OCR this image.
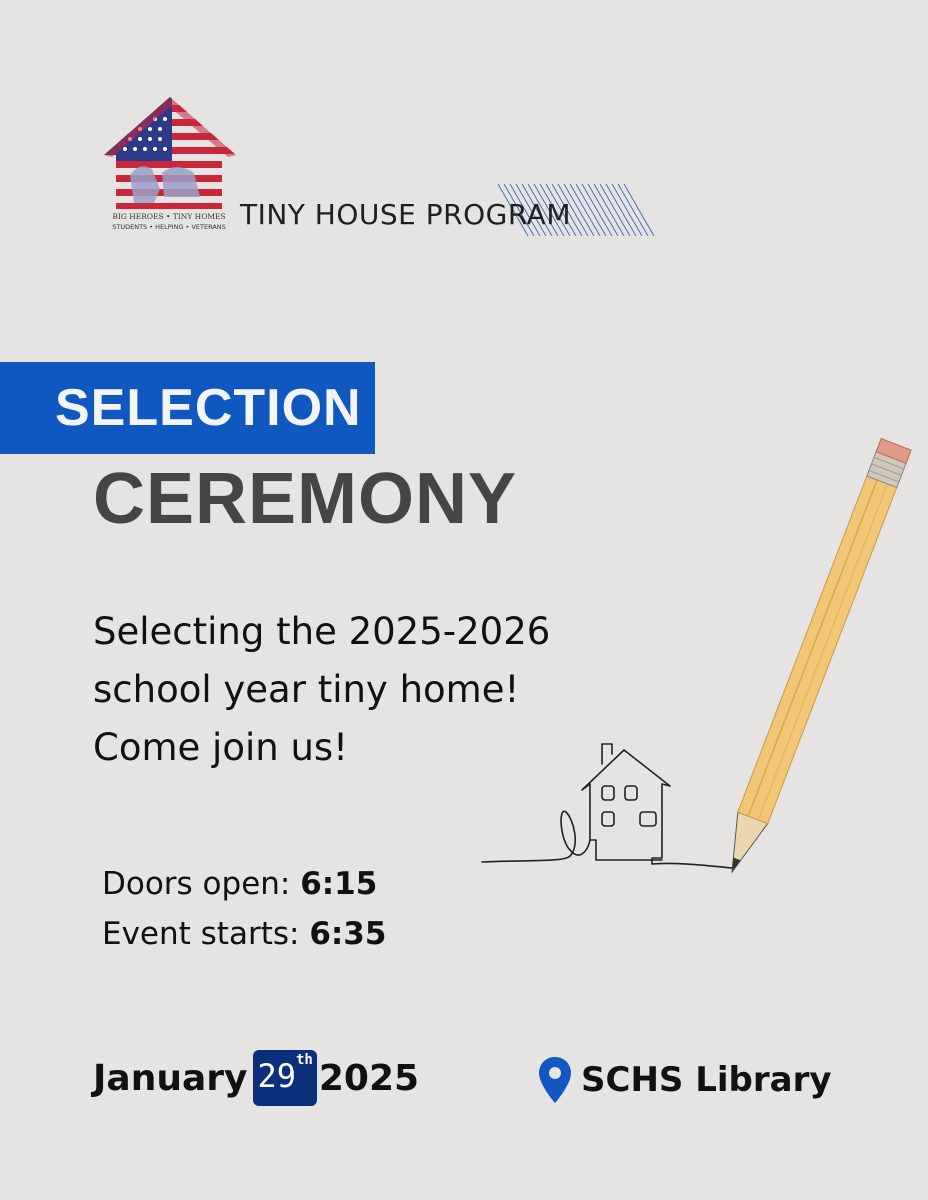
BIG HEROES • TINY HOMES
STUDENTS • HELPING • VETERANS TINY HOUSE PROGRAM
SELECTION
CEREMONY
Selecting the 2025-2026
school year tiny home!
Come join us!
Doors open: 6:15
Event starts: 6:35
January 29th 2025	SCHS Library
